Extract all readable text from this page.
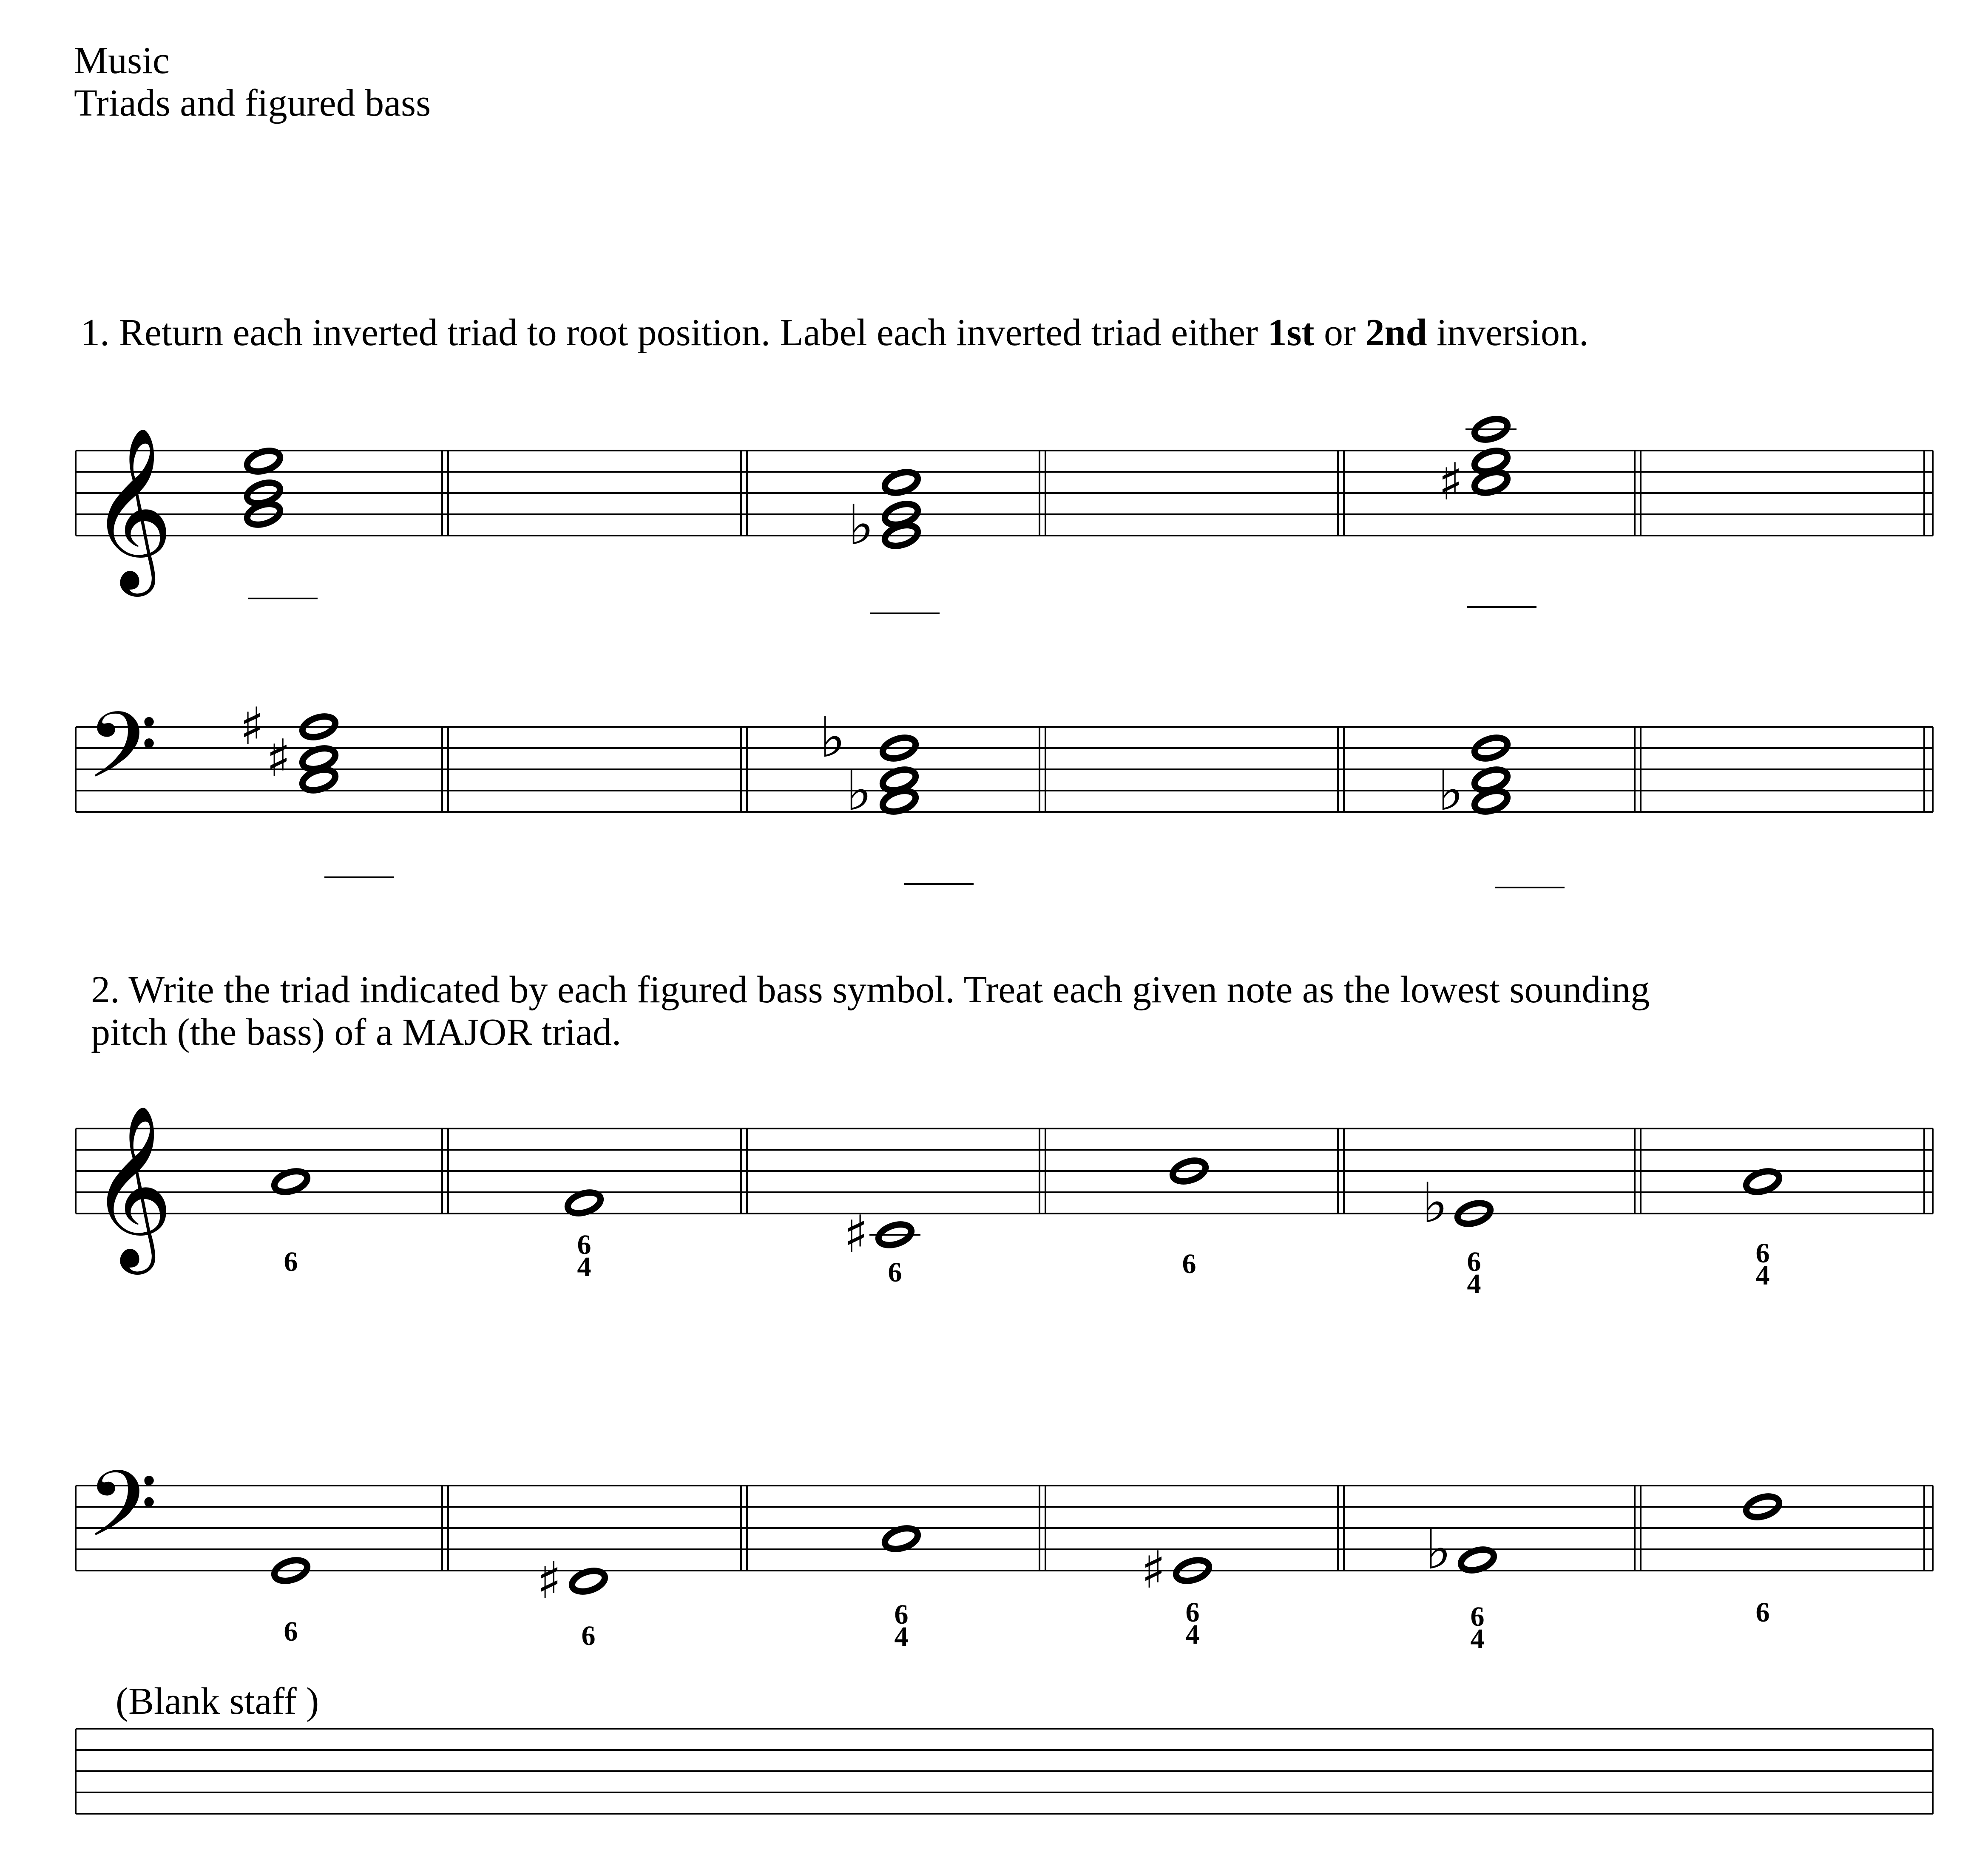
Music
Triads and figured bass
1. Return each inverted triad to root position. Label each inverted triad either 1st or 2nd inversion.
2. Write the triad indicated by each figured bass symbol. Treat each given note as the lowest sounding
pitch (the bass) of a MAJOR triad.
(Blank staff )
𝄞
𝄢
♭
♯
♯
♯
♭
♭
♭
𝄞
𝄢
6
6
4
♯
6	6
♭
6
4
6
4
6
♯
6
6
4
♯
6
4
♭
6
4
6
